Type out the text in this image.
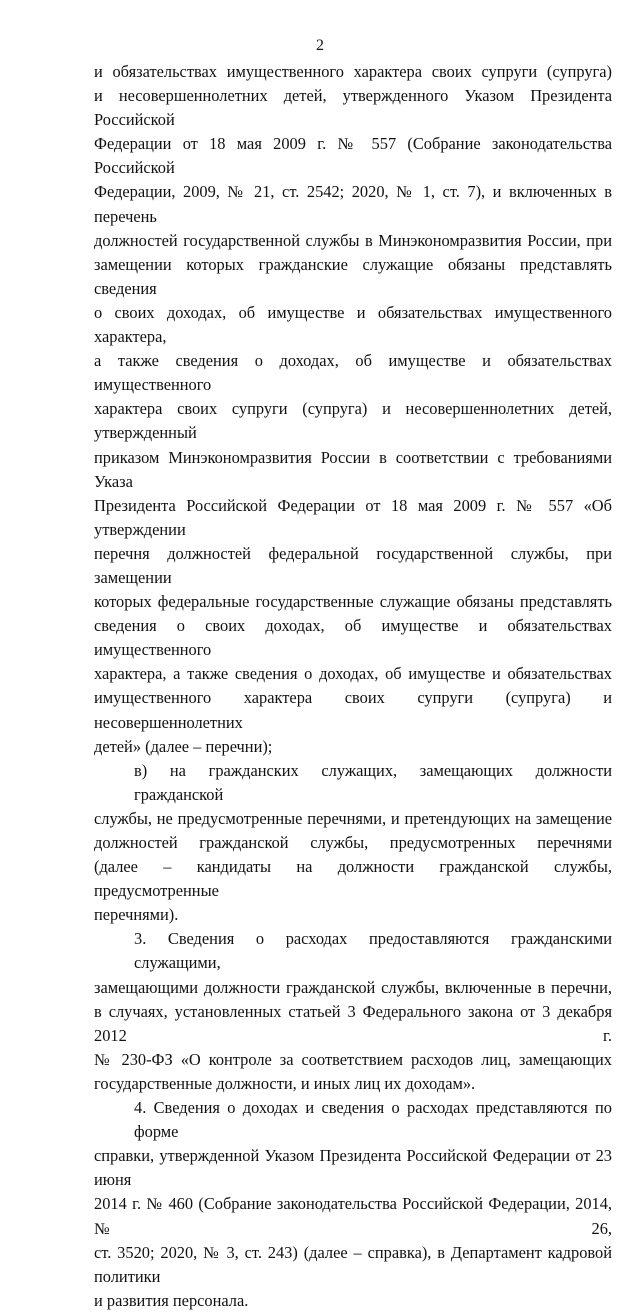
2

и обязательствах имущественного характера своих супруги (супруга)
и несовершеннолетних детей, утвержденного Указом Президента Российской
Федерации от 18 мая 2009 г. № 557 (Собрание законодательства Российской
Федерации, 2009, № 21, ст. 2542; 2020, № 1, ст. 7), и включенных в перечень
должностей государственной службы в Минэкономразвития России, при
замещении которых гражданские служащие обязаны представлять сведения
о своих доходах, об имуществе и обязательствах имущественного характера,
а также сведения о доходах, об имуществе и обязательствах имущественного
характера своих супруги (супруга) и несовершеннолетних детей, утвержденный
приказом Минэкономразвития России в соответствии с требованиями Указа
Президента Российской Федерации от 18 мая 2009 г. № 557 «Об утверждении
перечня должностей федеральной государственной службы, при замещении
которых федеральные государственные служащие обязаны представлять
сведения о своих доходах, об имуществе и обязательствах имущественного
характера, а также сведения о доходах, об имуществе и обязательствах
имущественного характера своих супруги (супруга) и несовершеннолетних
детей» (далее – перечни);

в) на гражданских служащих, замещающих должности гражданской
службы, не предусмотренные перечнями, и претендующих на замещение
должностей гражданской службы, предусмотренных перечнями
(далее – кандидаты на должности гражданской службы, предусмотренные
перечнями).

3. Сведения о расходах предоставляются гражданскими служащими,
замещающими должности гражданской службы, включенные в перечни,
в случаях, установленных статьей 3 Федерального закона от 3 декабря 2012 г.
№ 230-ФЗ «О контроле за соответствием расходов лиц, замещающих
государственные должности, и иных лиц их доходам».

4. Сведения о доходах и сведения о расходах представляются по форме
справки, утвержденной Указом Президента Российской Федерации от 23 июня
2014 г. № 460 (Собрание законодательства Российской Федерации, 2014, № 26,
ст. 3520; 2020, № 3, ст. 243) (далее – справка), в Департамент кадровой политики
и развития персонала.
